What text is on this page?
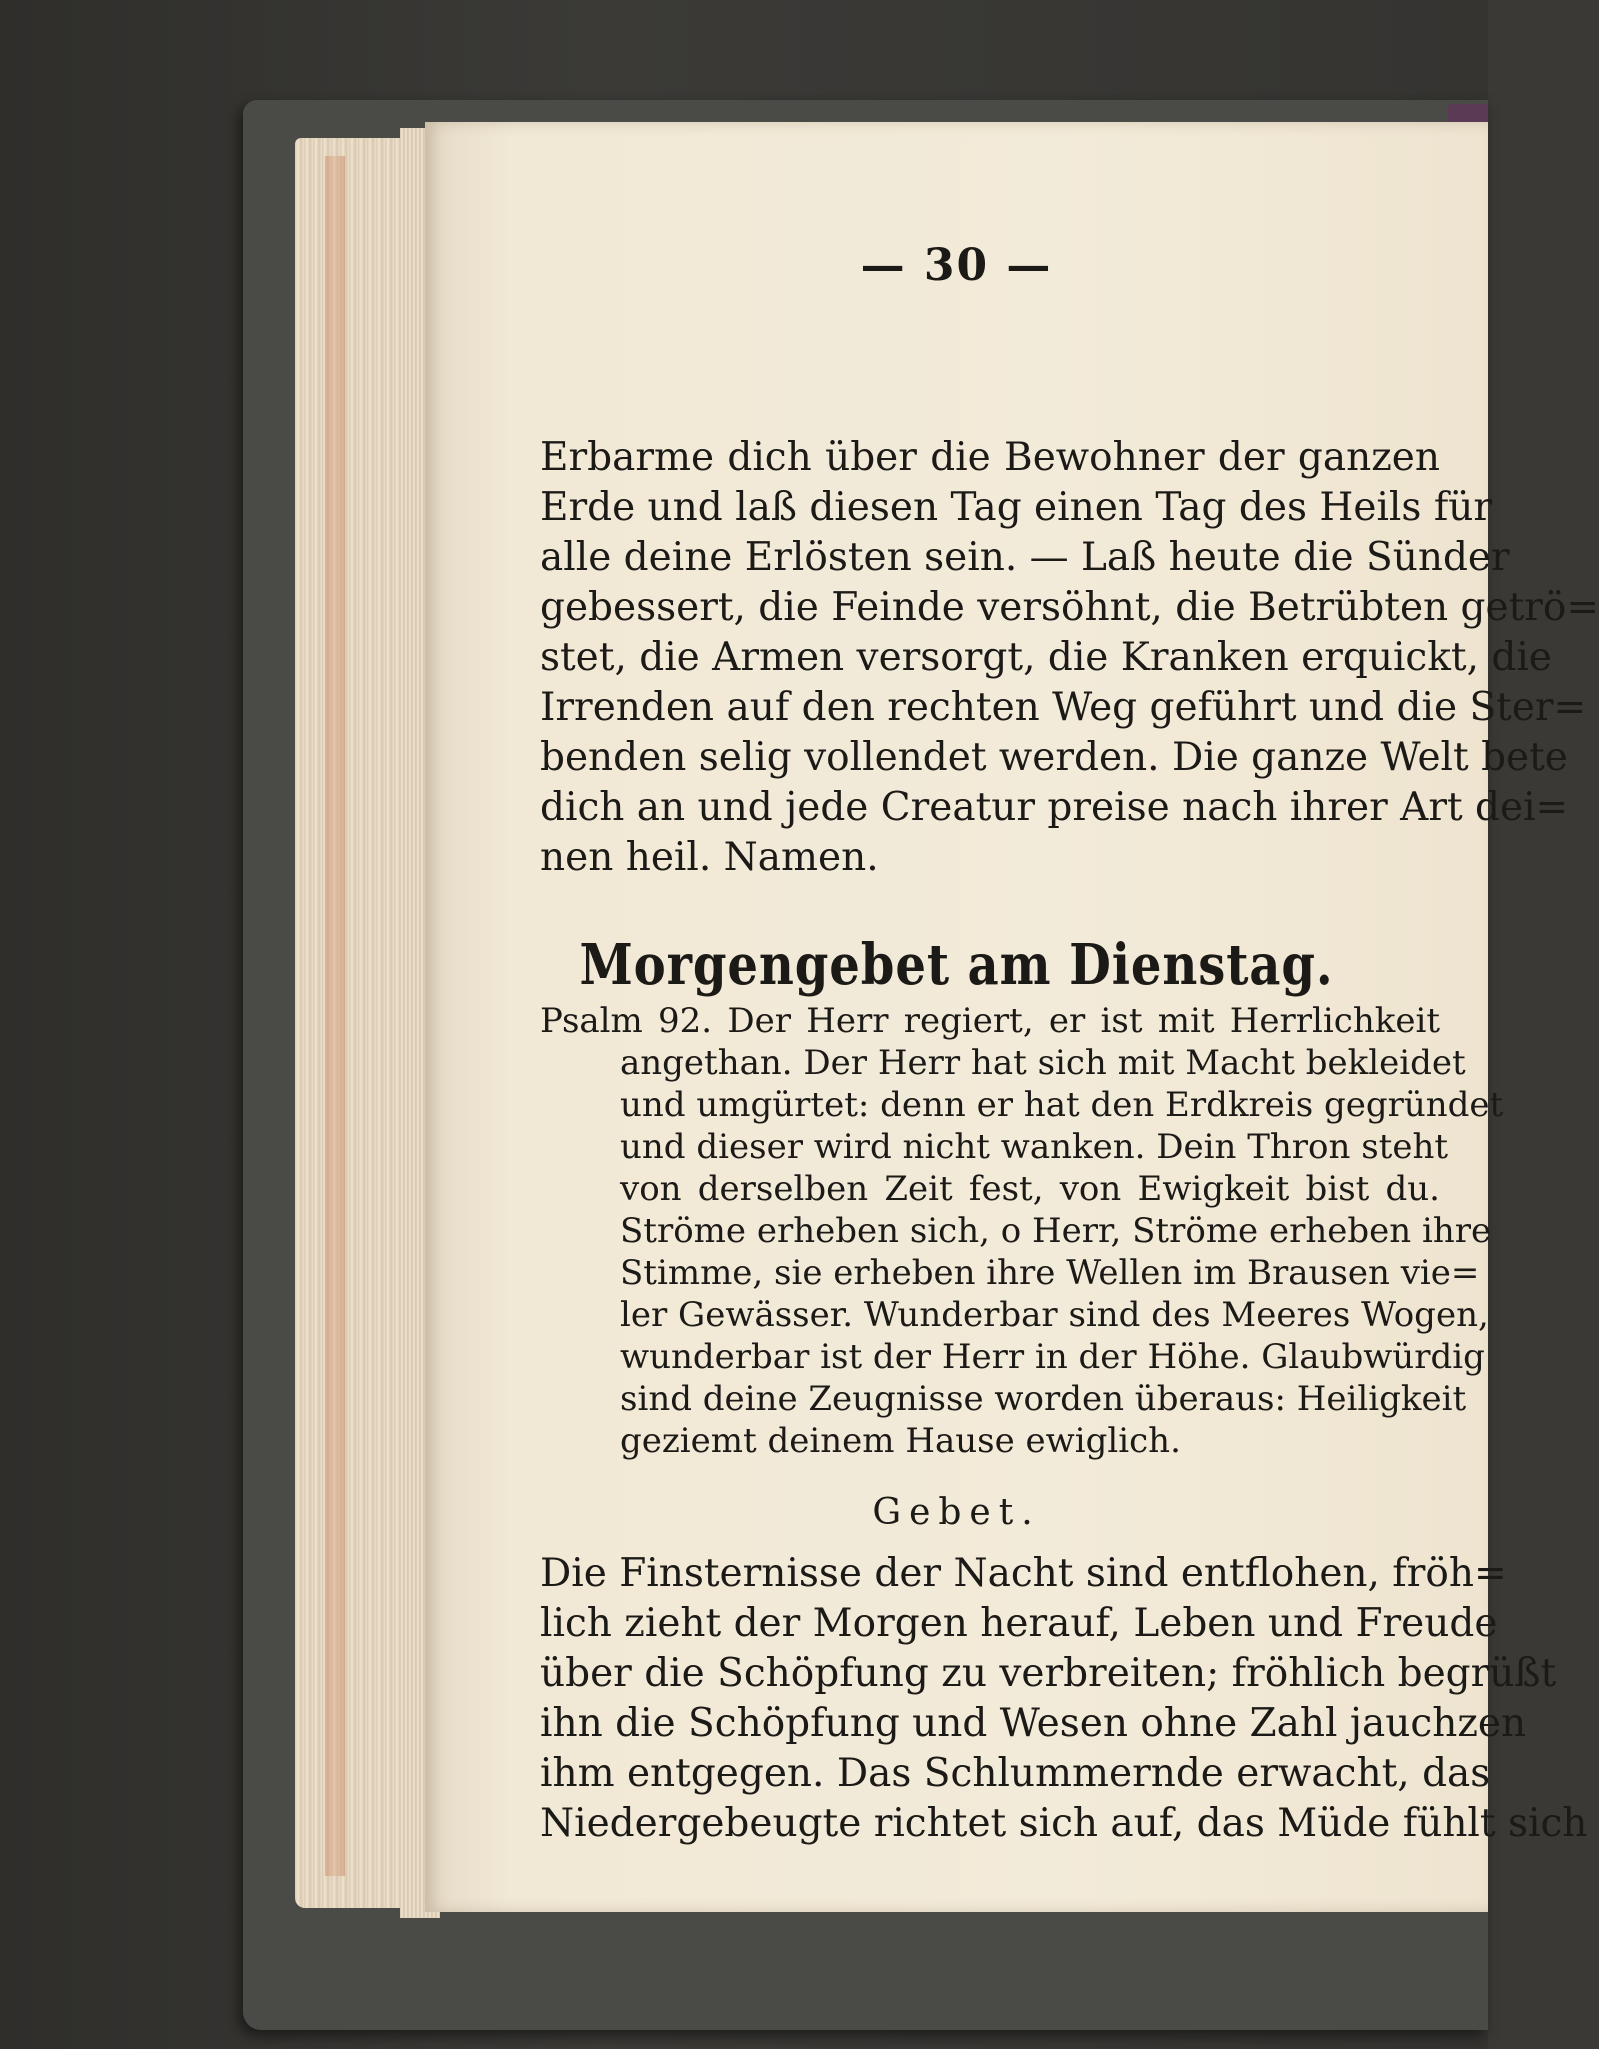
— 30 —
Erbarme dich über die Bewohner der ganzen
Erde und laß diesen Tag einen Tag des Heils für
alle deine Erlösten sein. — Laß heute die Sünder
gebessert, die Feinde versöhnt, die Betrübten getrö=
stet, die Armen versorgt, die Kranken erquickt, die
Irrenden auf den rechten Weg geführt und die Ster=
benden selig vollendet werden. Die ganze Welt bete
dich an und jede Creatur preise nach ihrer Art dei=
nen heil. Namen.
Morgengebet am Dienstag.
Psalm 92. Der Herr regiert, er ist mit Herrlichkeit
angethan. Der Herr hat sich mit Macht bekleidet
und umgürtet: denn er hat den Erdkreis gegründet
und dieser wird nicht wanken. Dein Thron steht
von derselben Zeit fest, von Ewigkeit bist du.
Ströme erheben sich, o Herr, Ströme erheben ihre
Stimme, sie erheben ihre Wellen im Brausen vie=
ler Gewässer. Wunderbar sind des Meeres Wogen,
wunderbar ist der Herr in der Höhe. Glaubwürdig
sind deine Zeugnisse worden überaus: Heiligkeit
geziemt deinem Hause ewiglich.
Gebet.
Die Finsternisse der Nacht sind entflohen, fröh=
lich zieht der Morgen herauf, Leben und Freude
über die Schöpfung zu verbreiten; fröhlich begrüßt
ihn die Schöpfung und Wesen ohne Zahl jauchzen
ihm entgegen. Das Schlummernde erwacht, das
Niedergebeugte richtet sich auf, das Müde fühlt sich
